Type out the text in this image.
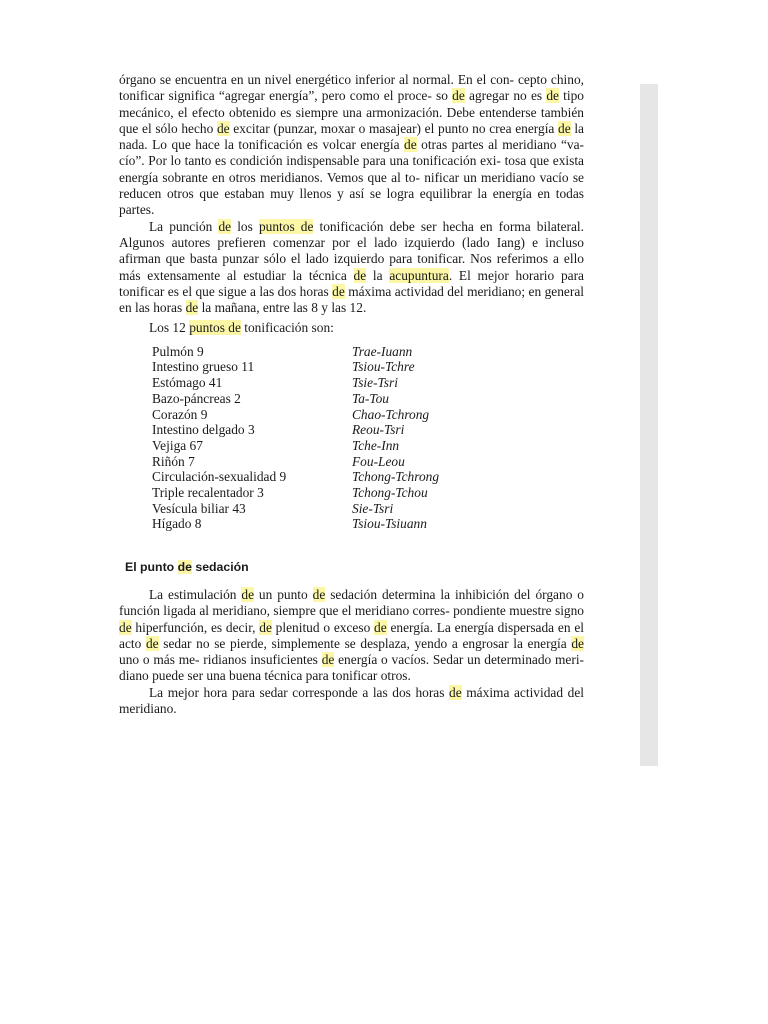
órgano se encuentra en un nivel energético inferior al normal. En el con- cepto chino, tonificar significa “agregar energía”, pero como el proce- so de agregar no es de tipo mecánico, el efecto obtenido es siempre una armonización. Debe entenderse también que el sólo hecho de excitar (punzar, moxar o masajear) el punto no crea energía de la nada. Lo que hace la tonificación es volcar energía de otras partes al meridiano “va- cío”. Por lo tanto es condición indispensable para una tonificación exi- tosa que exista energía sobrante en otros meridianos. Vemos que al to- nificar un meridiano vacío se reducen otros que estaban muy llenos y así se logra equilibrar la energía en todas partes.

La punción de los puntos de tonificación debe ser hecha en forma bilateral. Algunos autores prefieren comenzar por el lado izquierdo (lado Iang) e incluso afirman que basta punzar sólo el lado izquierdo para tonificar. Nos referimos a ello más extensamente al estudiar la técnica de la acupuntura. El mejor horario para tonificar es el que sigue a las dos horas de máxima actividad del meridiano; en general en las horas de la mañana, entre las 8 y las 12.

Los 12 puntos de tonificación son:
Pulmón 9	Trae-Iuann
Intestino grueso 11	Tsiou-Tchre
Estómago 41	Tsie-Tsri
Bazo-páncreas 2	Ta-Tou
Corazón 9	Chao-Tchrong
Intestino delgado 3	Reou-Tsri
Vejiga 67	Tche-Inn
Riñón 7	Fou-Leou
Circulación-sexualidad 9	Tchong-Tchrong
Triple recalentador 3	Tchong-Tchou
Vesícula biliar 43	Sie-Tsri
Hígado 8	Tsiou-Tsiuann
El punto de sedación

La estimulación de un punto de sedación determina la inhibición del órgano o función ligada al meridiano, siempre que el meridiano corres- pondiente muestre signo de hiperfunción, es decir, de plenitud o exceso de energía. La energía dispersada en el acto de sedar no se pierde, simplemente se desplaza, yendo a engrosar la energía de uno o más me- ridianos insuficientes de energía o vacíos. Sedar un determinado meri- diano puede ser una buena técnica para tonificar otros.

La mejor hora para sedar corresponde a las dos horas de máxima actividad del meridiano.
